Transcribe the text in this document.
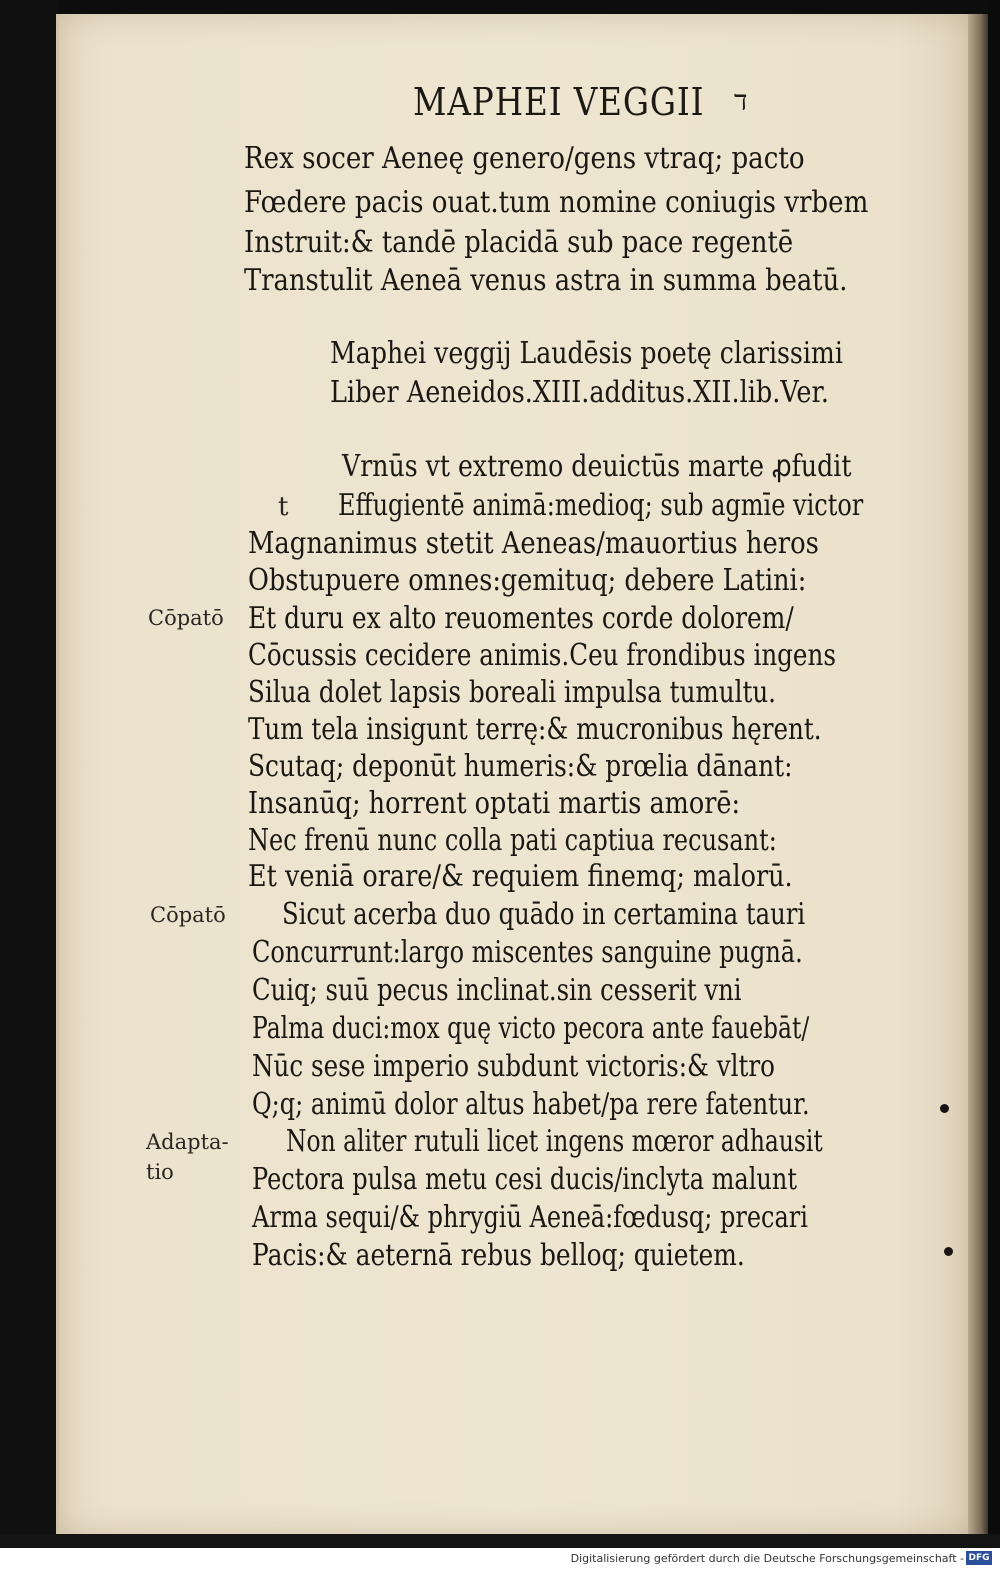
MAPHEI VEGGII ד
Rex socer Aeneę genero/gens vtraq; pacto
Fœdere pacis ouat.tum nomine coniugis vrbem
Instruit:& tandē placidā sub pace regentē
Transtulit Aeneā venus astra in summa beatū.
Maphei veggij Laudēsis poetę clarissimi
Liber Aeneidos.XIII.additus.XII.lib.Ver.
Vrnūs vt extremo deuictūs marte ꝓfudit
t Effugientē animā:medioq; sub agmīe victor
Magnanimus stetit Aeneas/mauortius heros
Obstupuere omnes:gemituq; debere Latini:
Et duru ex alto reuomentes corde dolorem/
Cōcussis cecidere animis.Ceu frondibus ingens
Silua dolet lapsis boreali impulsa tumultu.
Tum tela insigunt terrę:& mucronibus hęrent.
Scutaq; deponūt humeris:& prœlia dānant:
Insanūq; horrent optati martis amorē:
Nec frenū nunc colla pati captiua recusant:
Et veniā orare/& requiem finemq; malorū.
Sicut acerba duo quādo in certamina tauri
Concurrunt:largo miscentes sanguine pugnā.
Cuiq; suū pecus inclinat.sin cesserit vni
Palma duci:mox quę victo pecora ante fauebāt/
Nūc sese imperio subdunt victoris:& vltro
Q;q; animū dolor altus habet/pa rere fatentur.
Non aliter rutuli licet ingens mœror adhausit
Pectora pulsa metu cesi ducis/inclyta malunt
Arma sequi/& phrygiū Aeneā:fœdusq; precari
Pacis:& aeternā rebus belloq; quietem.
Cōpatō
Cōpatō
Adapta-
tio
Digitalisierung gefördert durch die Deutsche Forschungsgemeinschaft - DFG
